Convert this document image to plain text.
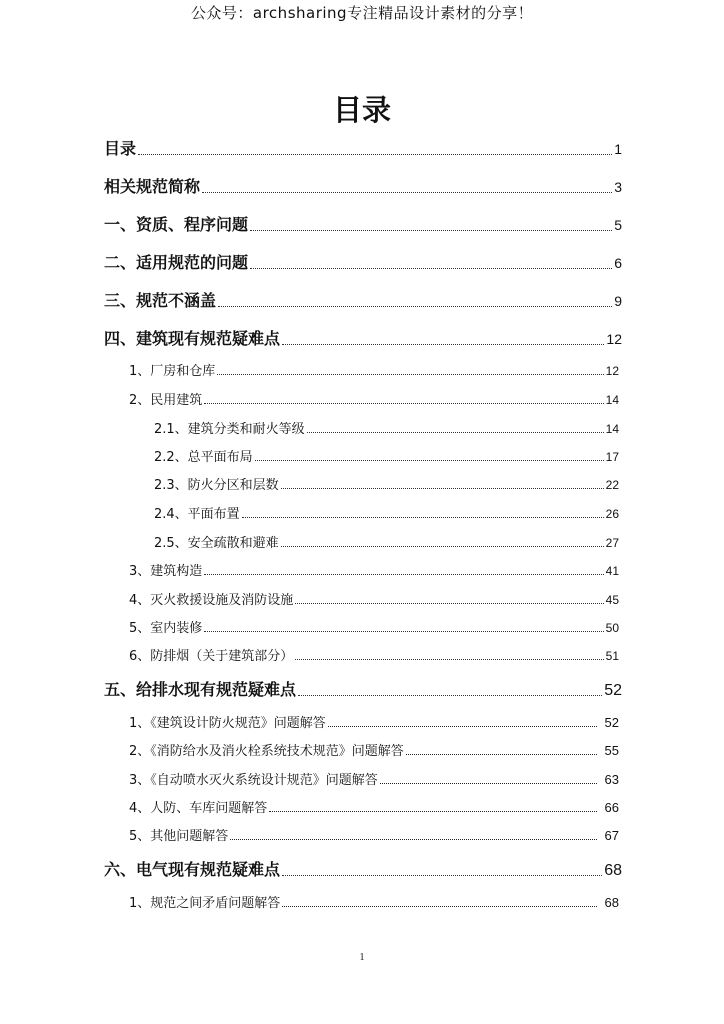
公众号：archsharing专注精品设计素材的分享！
目录
目录	1
相关规范简称	3
一、资质、程序问题	5
二、适用规范的问题	6
三、规范不涵盖	9
四、建筑现有规范疑难点	12
1、厂房和仓库	12
2、民用建筑	14
2.1、建筑分类和耐火等级	14
2.2、总平面布局	17
2.3、防火分区和层数	22
2.4、平面布置	26
2.5、安全疏散和避难	27
3、建筑构造	41
4、灭火救援设施及消防设施	45
5、室内装修	50
6、防排烟（关于建筑部分）	51
五、给排水现有规范疑难点	52
1、《建筑设计防火规范》问题解答	52
2、《消防给水及消火栓系统技术规范》问题解答	55
3、《自动喷水灭火系统设计规范》问题解答	63
4、人防、车库问题解答	66
5、其他问题解答	67
六、电气现有规范疑难点	68
1、规范之间矛盾问题解答	68
1
